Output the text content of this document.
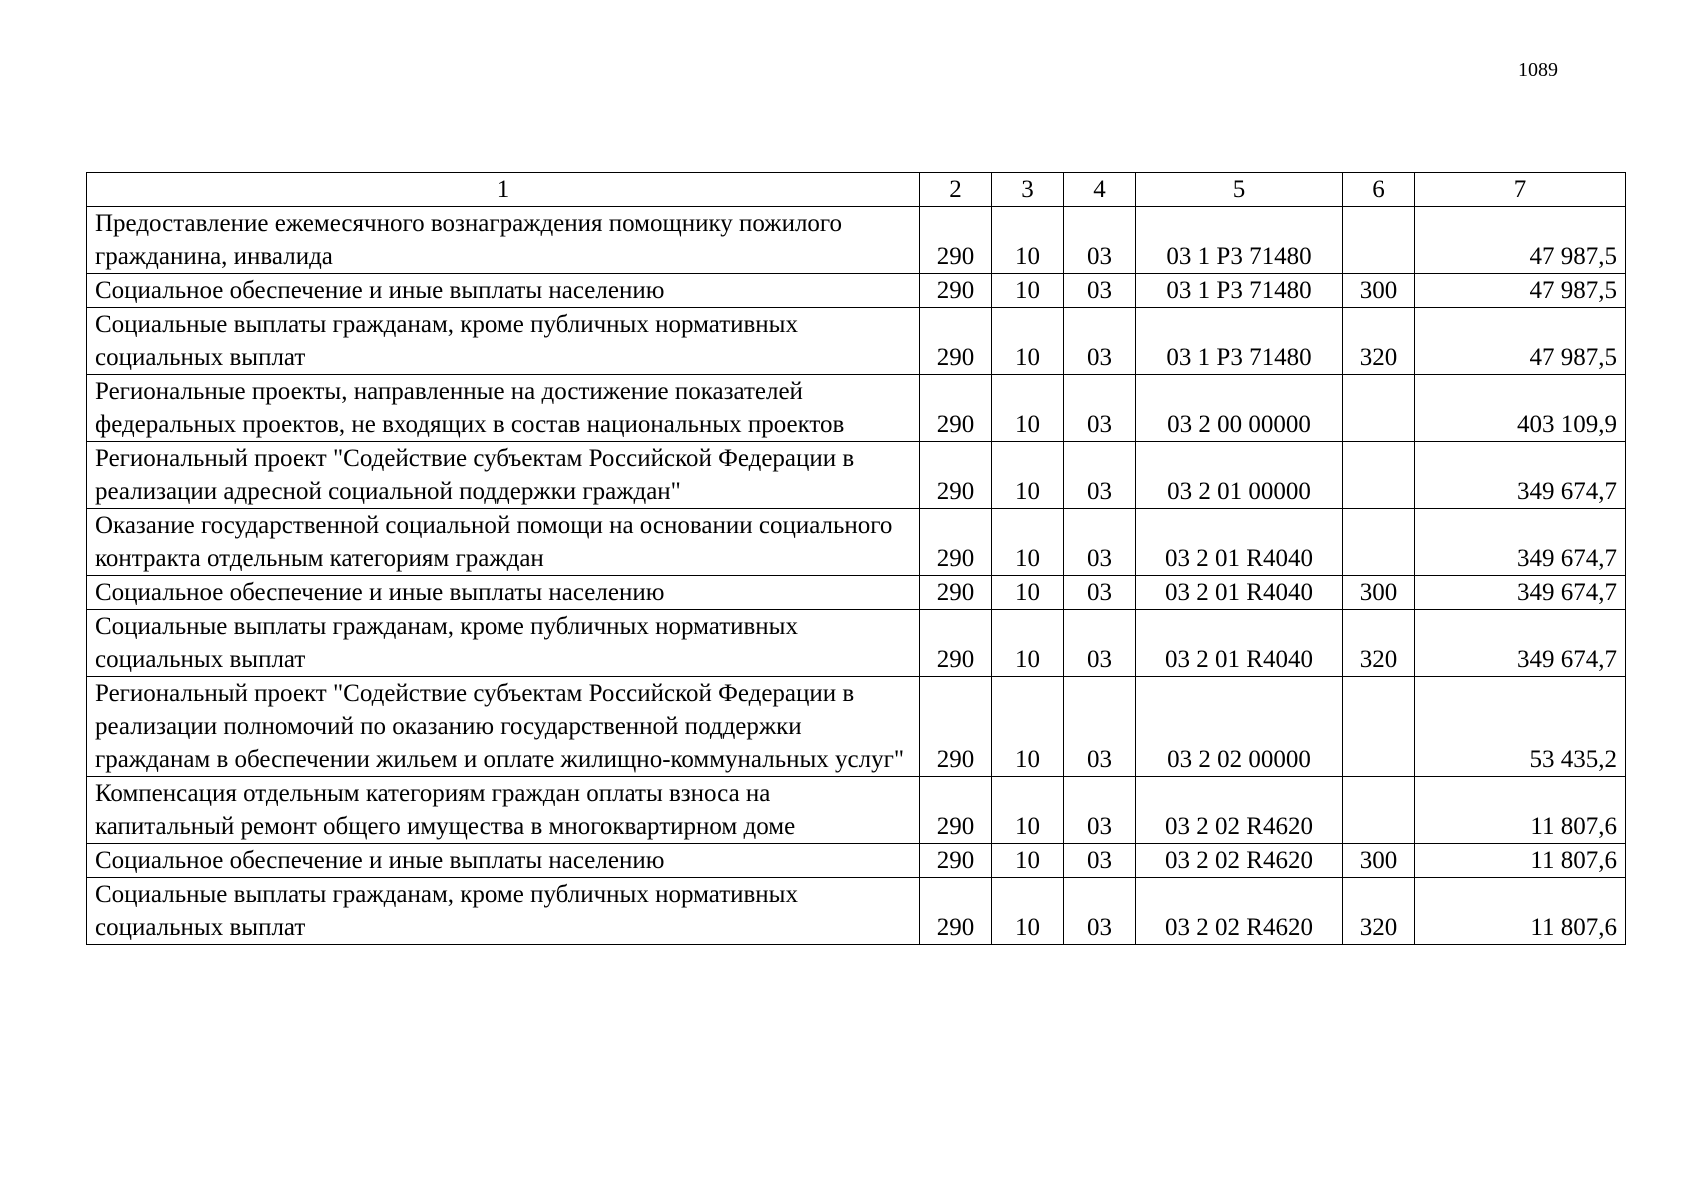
1089
1	2	3	4	5	6	7
Предоставление ежемесячного вознаграждения помощнику пожилого гражданина, инвалида	290	10	03	03 1 Р3 71480		47 987,5
Социальное обеспечение и иные выплаты населению	290	10	03	03 1 Р3 71480	300	47 987,5
Социальные выплаты гражданам, кроме публичных нормативных социальных выплат	290	10	03	03 1 Р3 71480	320	47 987,5
Региональные проекты, направленные на достижение показателей федеральных проектов, не входящих в состав национальных проектов	290	10	03	03 2 00 00000		403 109,9
Региональный проект "Содействие субъектам Российской Федерации в реализации адресной социальной поддержки граждан"	290	10	03	03 2 01 00000		349 674,7
Оказание государственной социальной помощи на основании социального контракта отдельным категориям граждан	290	10	03	03 2 01 R4040		349 674,7
Социальное обеспечение и иные выплаты населению	290	10	03	03 2 01 R4040	300	349 674,7
Социальные выплаты гражданам, кроме публичных нормативных социальных выплат	290	10	03	03 2 01 R4040	320	349 674,7
Региональный проект "Содействие субъектам Российской Федерации в реализации полномочий по оказанию государственной поддержки гражданам в обеспечении жильем и оплате жилищно-коммунальных услуг"	290	10	03	03 2 02 00000		53 435,2
Компенсация отдельным категориям граждан оплаты взноса на капитальный ремонт общего имущества в многоквартирном доме	290	10	03	03 2 02 R4620		11 807,6
Социальное обеспечение и иные выплаты населению	290	10	03	03 2 02 R4620	300	11 807,6
Социальные выплаты гражданам, кроме публичных нормативных социальных выплат	290	10	03	03 2 02 R4620	320	11 807,6
